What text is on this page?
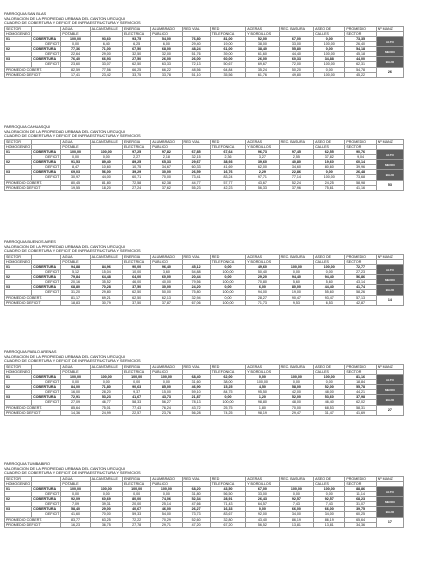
PARROQUIA SAN BLAS
VALORACION DE LA PROPIEDAD URBANA DEL CANTON URCUQUI
CUADRO DE COBERTURA Y DEFICIT DE INFRAESTRUCTURA Y SERVICIOS
SECTOR		AGUA	ALCANTARILLE	ENERGIA	ALUMBRADO	RED VIAL	RED	ACERAS	REC. BASURA	ASEO DE	PROMEDIO	Nº MANZ
HOMOGENEO		POTABLE		ELECTRICA	PUBLICO		TELEFONICA	Y BORDILLOS		CALLES	SECTOR	
01	COBERTURA	100,00	93,60	93,75	54,00	76,80	81,00	52,00	67,00	0,00	73,35	ALTO
	DEFICIT	0,00	6,40	6,25	6,00	29,40	19,00	38,00	33,00	100,00	26,40	
02	COBERTURA	77,36	71,00	67,50	68,00	48,24	61,00	38,40	55,80	0,00	54,18	MEDIO
	DEFICIT	22,64	29,00	32,50	32,00	51,76	39,00	61,60	44,40	100,00	45,18	
03	COBERTURA	76,40	66,93	27,50	26,00	26,00	60,00	26,00	60,33	34,88	44,00	BAJO
	DEFICIT	23,60	33,07	62,50	63,33	72,13	50,67	69,67	72,00	100,00	62,31	
PROMEDIO COBERT.		82,59	77,56	66,25	66,22	48,56	64,84	35,24	50,20	0,00	54,78	26
PROMEDIO DEFICIT		17,41	23,42	33,75	33,78	51,10	35,56	61,76	49,80	100,00	45,22	
PARROQUIA CAHUASQUI
VALORACION DE LA PROPIEDAD URBANA DEL CANTON URCUQUI
CUADRO DE COBERTURA Y DEFICIT DE INFRAESTRUCTURA Y SERVICIOS
SECTOR		AGUA	ALCANTARILLE	ENERGIA	ALUMBRADO	RED VIAL	RED	ACERAS	REC. BASURA	ASEO DE	PROMEDIO	Nº MANZ
HOMOGENEO		POTABLE		ELECTRICA	PUBLICO		TELEFONICA	Y BORDILLOS		CALLES	SECTOR	
01	COBERTURA	100,00	100,00	97,25	97,82	67,85	67,64	96,73	97,45	62,55	90,76	ALTO
	DEFICIT	0,00	0,00	2,27	2,18	32,15	2,36	3,27	2,55	37,82	9,04	
02	COBERTURA	91,53	89,40	89,25	65,33	29,67	38,93	39,60	40,80	19,60	60,14	MEDIO
	DEFICIT	8,47	10,60	10,75	34,67	60,33	41,69	62,00	34,60	80,60	39,96	
03	COBERTURA	69,03	56,00	39,29	30,00	26,59	16,76	2,29	22,86	0,00	26,48	BAJO
	DEFICIT	30,97	44,00	60,71	70,00	73,41	83,24	97,71	77,14	100,00	73,68	
PROMEDIO COBERT.		80,45	81,80	72,58	62,38	44,77	57,77	43,67	52,24	24,25	58,98	53
PROMEDIO DEFICIT		19,55	18,20	27,24	37,62	55,23	42,23	56,33	37,96	75,61	41,16	
PARROQUIA BUENOS AIRES
VALORACION DE LA PROPIEDAD URBANA DEL CANTON URCUQUI
CUADRO DE COBERTURA Y DEFICIT DE INFRAESTRUCTURA Y SERVICIOS
SECTOR		AGUA	ALCANTARILLE	ENERGIA	ALUMBRADO	RED VIAL	RED	ACERAS	REC. BASURA	ASEO DE	PROMEDIO	Nº MANZ
HOMOGENEO		POTABLE		ELECTRICA	PUBLICO		TELEFONICA	Y BORDILLOS		CALLES	SECTOR	
01	COBERTURA	94,88	84,96	90,00	96,40	45,12	0,00	49,60	100,00	100,00	72,77	ALTO
	DEFICIT	5,12	15,04	10,00	3,60	54,88	100,00	50,40	0,00	0,00	27,23	
02	COBERTURA	79,84	64,48	64,00	60,00	20,44	0,00	29,20	94,40	94,40	56,86	MEDIO
	DEFICIT	20,16	35,52	46,00	40,00	79,56	100,00	70,80	5,60	5,60	43,14	
03	COBERTURA	68,80	70,28	37,50	30,00	24,20	0,00	6,00	80,00	44,40	41,74	BAJO
	DEFICIT	31,20	29,80	62,50	50,00	75,80	100,00	94,00	19,00	55,60	58,26	
PROMEDIO COBERT.		81,17	69,21	62,50	62,13	32,94	0,00	28,27	90,47	93,47	57,13	14
PROMEDIO DEFICIT		18,83	30,79	37,50	37,87	67,06	100,00	71,73	9,53	6,53	42,87	
PARROQUIA PABLO ARENAS
VALORACION DE LA PROPIEDAD URBANA DEL CANTON URCUQUI
CUADRO DE COBERTURA Y DEFICIT DE INFRAESTRUCTURA Y SERVICIOS
SECTOR		AGUA	ALCANTARILLE	ENERGIA	ALUMBRADO	RED VIAL	RED	ACERAS	REC. BASURA	ASEO DE	PROMEDIO	Nº MANZ
HOMOGENEO		POTABLE		ELECTRICA	PUBLICO		TELEFONICA	Y BORDILLOS		CALLES	SECTOR	
01	COBERTURA	100,00	100,00	100,00	100,00	68,40	62,00	0,00	100,00	100,00	81,16	ALTO
	DEFICIT	0,00	0,00	0,00	0,00	31,60	38,00	100,00	0,00	0,00	18,84	
02	COBERTURA	84,00	71,80	90,63	85,00	46,90	15,25	4,50	58,00	52,00	55,78	MEDIO
	DEFICIT	16,00	28,20	9,37	15,00	59,10	84,75	95,50	42,00	48,00	44,21	
03	COBERTURA	72,91	53,23	41,67	43,73	21,87	0,00	1,20	52,00	53,60	37,98	BAJO
	DEFICIT	27,09	46,77	58,33	56,27	78,13	100,00	98,80	48,00	46,40	62,02	
PROMEDIO COBERT.		85,64	75,01	77,43	76,24	43,72	25,75	1,80	70,00	68,53	58,31	27
PROMEDIO DEFICIT		14,36	24,99	22,57	23,76	56,28	74,25	98,19	29,47	31,47	41,69	
PARROQUIA TUMBABIRO
VALORACION DE LA PROPIEDAD URBANA DEL CANTON URCUQUI
CUADRO DE COBERTURA Y DEFICIT DE INFRAESTRUCTURA Y SERVICIOS
SECTOR		AGUA	ALCANTARILLE	ENERGIA	ALUMBRADO	RED VIAL	RED	ACERAS	REC. BASURA	ASEO DE	PROMEDIO	Nº MANZ
HOMOGENEO		POTABLE		ELECTRICA	PUBLICO		TELEFONICA	Y BORDILLOS		CALLES	SECTOR	
01	COBERTURA	100,00	100,00	100,00	100,00	68,20	43,50	67,00	100,00	100,00	88,86	ALTO
	DEFICIT	0,00	0,00	0,00	0,00	31,80	56,50	33,00	0,00	0,00	11,14	
02	COBERTURA	92,09	60,69	80,00	74,06	52,34	28,91	26,43	92,57	92,57	68,23	MEDIO
	DEFICIT	7,09	39,31	20,00	25,14	47,66	71,43	64,57	7,43	7,43	31,07	
03	COBERTURA	58,40	29,00	40,67	46,00	26,27	16,33	0,00	66,00	66,00	39,75	BAJO
	DEFICIT	41,60	70,00	59,33	54,00	73,73	83,67	92,00	34,00	34,00	60,25	
PROMEDIO COBERT.		83,77	63,25	72,22	70,29	52,60	32,80	43,40	86,19	86,19	65,64	17
PROMEDIO DEFICIT		16,23	36,75	27,78	29,71	47,20	67,20	56,52	13,81	13,81	34,36	
